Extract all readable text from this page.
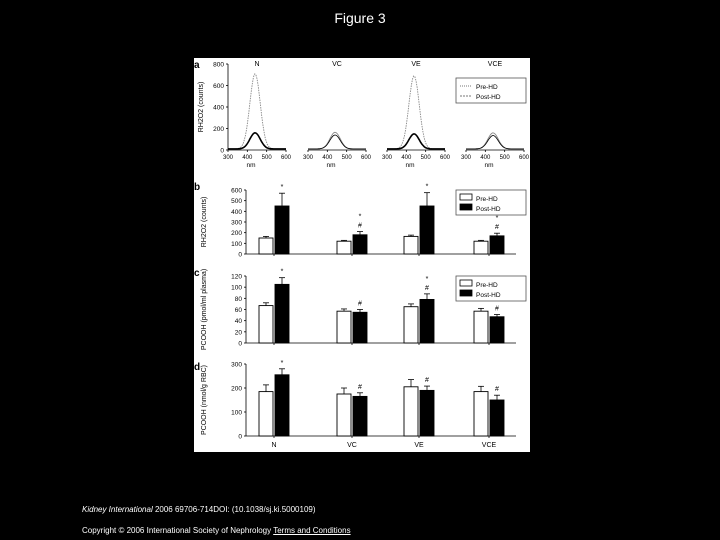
Figure 3
a
RH2O2 (counts)
0
200
400
600
800	N
300 400 500 600
nm
VC
300 400 500 600
nm
VE
300 400 500 600
nm
VCE
300 400 500 600
nm
Pre-HD
Post-HD
b
RH2O2 (counts)
0
100
200
300
400
500
600	*
*
#
*
*
#
Pre-HD
Post-HD
c PCOOH (pmol/ml plasma)	0
20
40
60
80
100
120
*
#
*
#
#
Pre-HD
Post-HD
d PCOOH (nmol/g RBC)
0
100
200
300
N
*
VC
#
VE
#
VCE
#
Kidney International 2006 69706-714DOI: (10.1038/sj.ki.5000109)
Copyright © 2006 International Society of Nephrology Terms and Conditions
